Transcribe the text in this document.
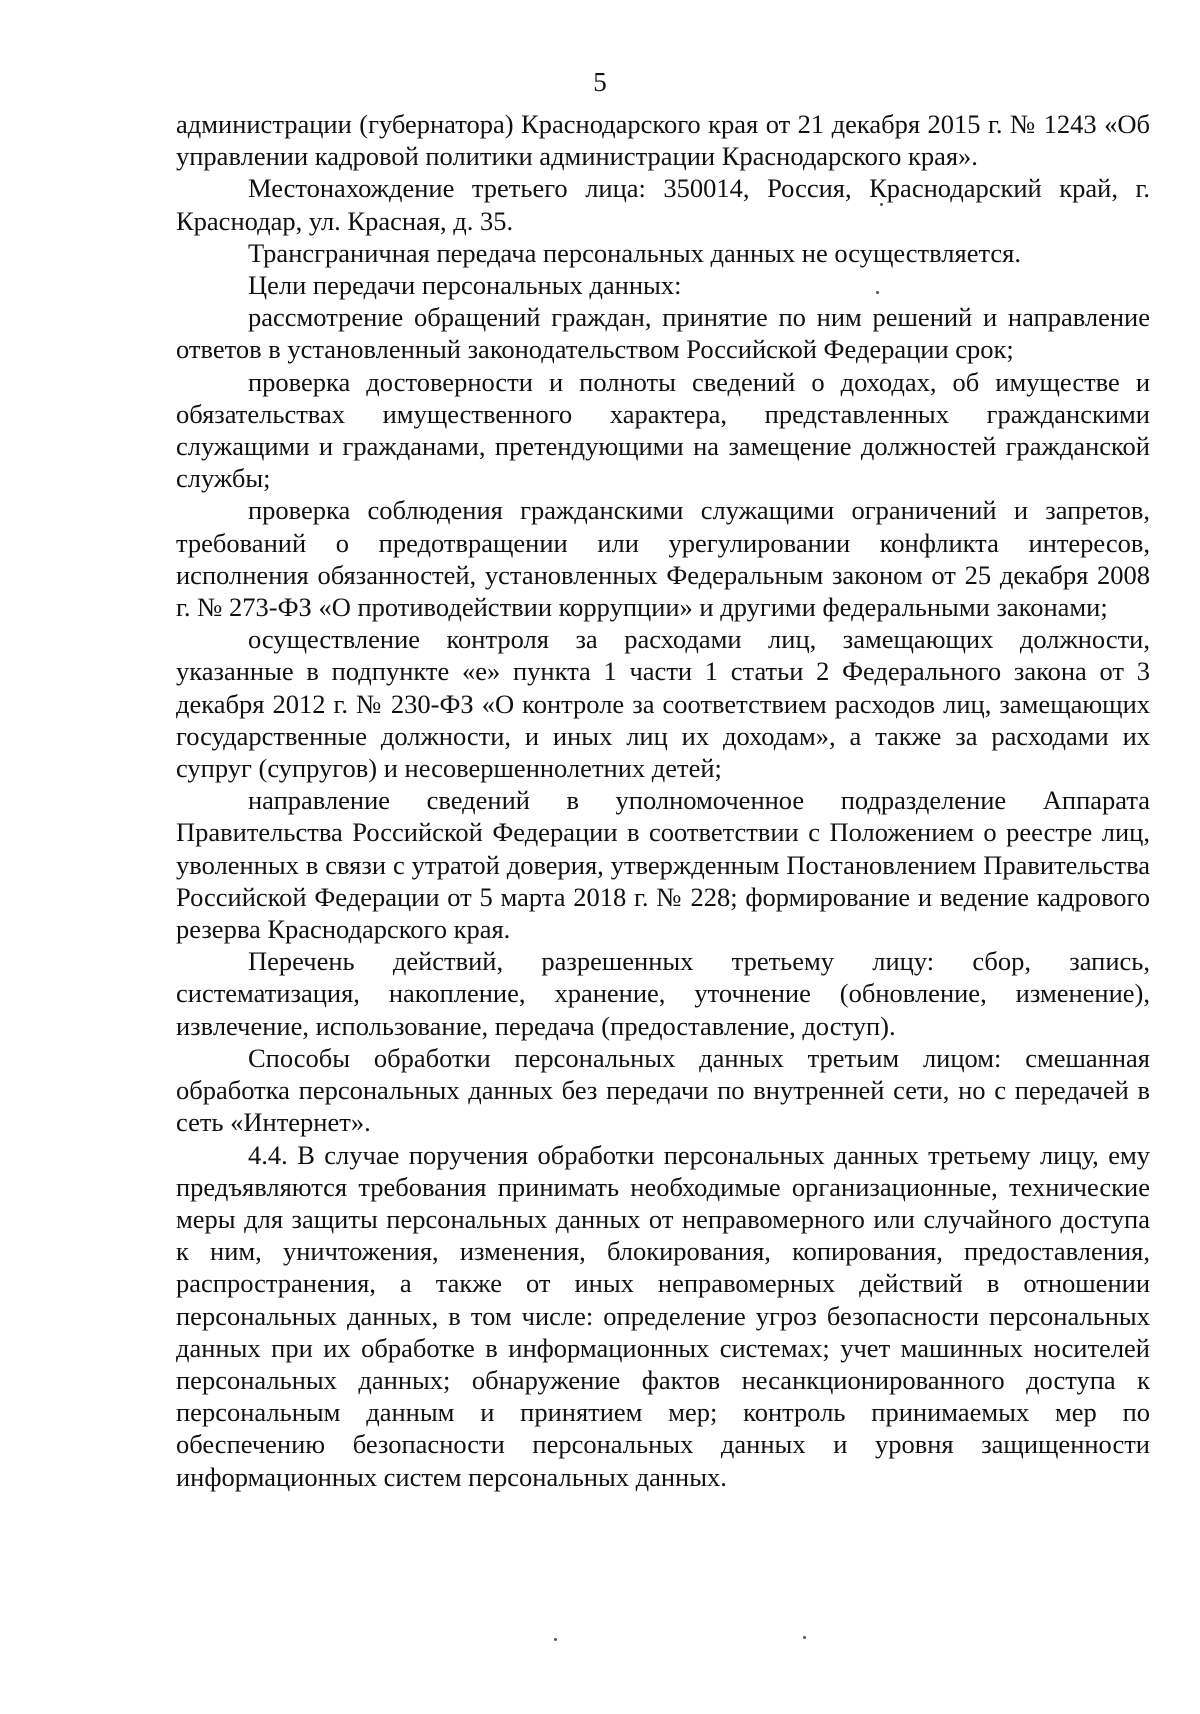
5

администрации (губернатора) Краснодарского края от 21 декабря 2015 г. № 1243 «Об управлении кадровой политики администрации Краснодарского края».

Местонахождение третьего лица: 350014, Россия, Краснодарский край, г. Краснодар, ул. Красная, д. 35.

Трансграничная передача персональных данных не осуществляется.

Цели передачи персональных данных:

рассмотрение обращений граждан, принятие по ним решений и направление ответов в установленный законодательством Российской Федерации срок;

проверка достоверности и полноты сведений о доходах, об имуществе и обязательствах имущественного характера, представленных гражданскими служащими и гражданами, претендующими на замещение должностей гражданской службы;

проверка соблюдения гражданскими служащими ограничений и запретов, требований о предотвращении или урегулировании конфликта интересов, исполнения обязанностей, установленных Федеральным законом от 25 декабря 2008 г. № 273-ФЗ «О противодействии коррупции» и другими федеральными законами;

осуществление контроля за расходами лиц, замещающих должности, указанные в подпункте «е» пункта 1 части 1 статьи 2 Федерального закона от 3 декабря 2012 г. № 230-ФЗ «О контроле за соответствием расходов лиц, замещающих государственные должности, и иных лиц их доходам», а также за расходами их супруг (супругов) и несовершеннолетних детей;

направление сведений в уполномоченное подразделение Аппарата Правительства Российской Федерации в соответствии с Положением о реестре лиц, уволенных в связи с утратой доверия, утвержденным Постановлением Правительства Российской Федерации от 5 марта 2018 г. № 228; формирование и ведение кадрового резерва Краснодарского края.

Перечень действий, разрешенных третьему лицу: сбор, запись, систематизация, накопление, хранение, уточнение (обновление, изменение), извлечение, использование, передача (предоставление, доступ).

Способы обработки персональных данных третьим лицом: смешанная обработка персональных данных без передачи по внутренней сети, но с передачей в сеть «Интернет».

4.4. В случае поручения обработки персональных данных третьему лицу, ему предъявляются требования принимать необходимые организационные, технические меры для защиты персональных данных от неправомерного или случайного доступа к ним, уничтожения, изменения, блокирования, копирования, предоставления, распространения, а также от иных неправомерных действий в отношении персональных данных, в том числе: определение угроз безопасности персональных данных при их обработке в информационных системах; учет машинных носителей персональных данных; обнаружение фактов несанкционированного доступа к персональным данным и принятием мер; контроль принимаемых мер по обеспечению безопасности персональных данных и уровня защищенности информационных систем персональных данных.
